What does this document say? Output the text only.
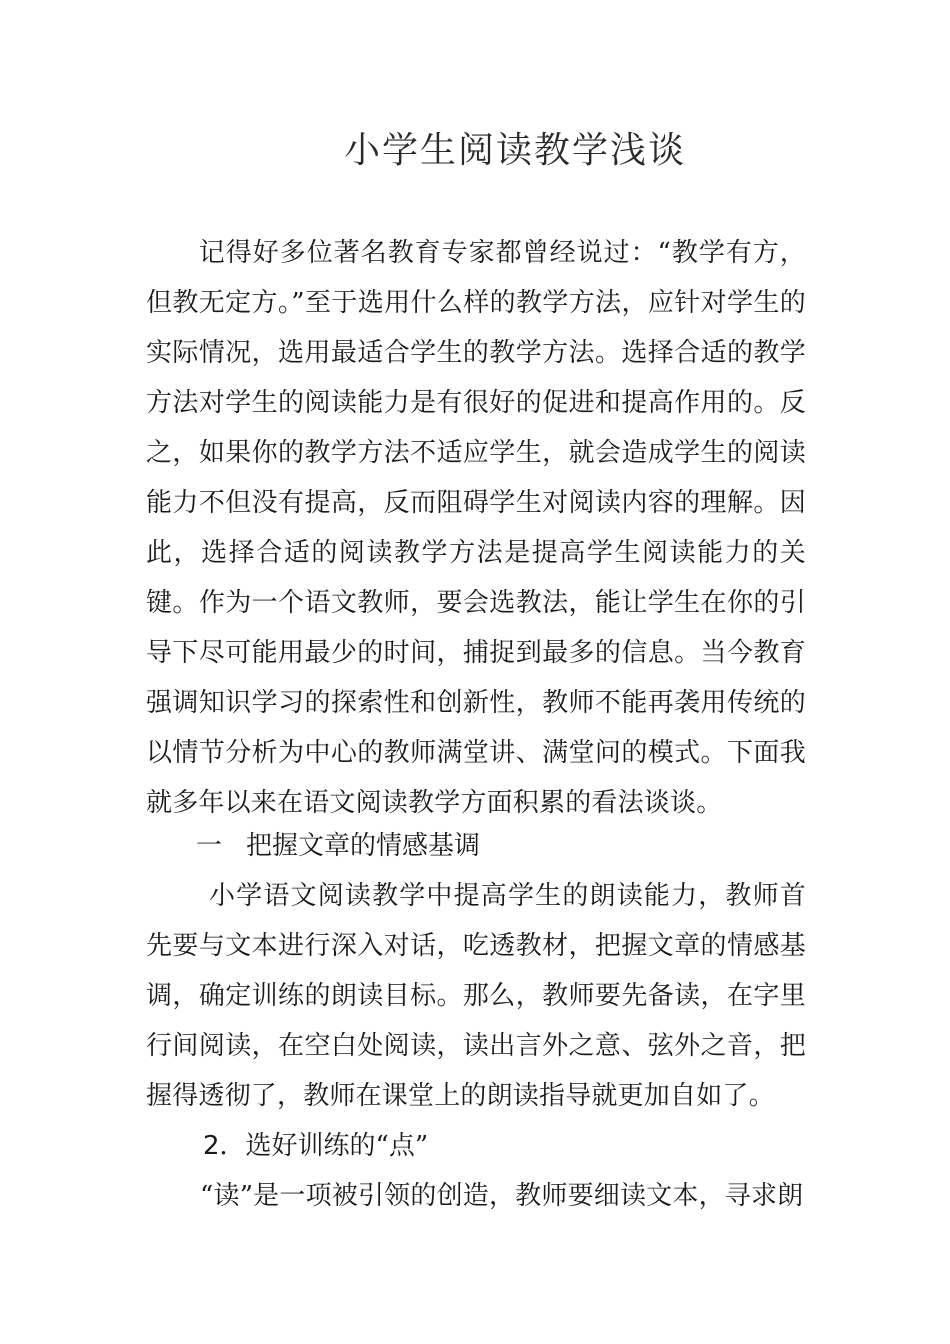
小学生阅读教学浅谈
记得好多位著名教育专家都曾经说过：“教学有方，但教无定方。”至于选用什么样的教学方法，应针对学生的实际情况，选用最适合学生的教学方法。选择合适的教学方法对学生的阅读能力是有很好的促进和提高作用的。反之，如果你的教学方法不适应学生，就会造成学生的阅读能力不但没有提高，反而阻碍学生对阅读内容的理解。因此，选择合适的阅读教学方法是提高学生阅读能力的关键。作为一个语文教师，要会选教法，能让学生在你的引导下尽可能用最少的时间，捕捉到最多的信息。当今教育强调知识学习的探索性和创新性，教师不能再袭用传统的以情节分析为中心的教师满堂讲、满堂问的模式。下面我就多年以来在语文阅读教学方面积累的看法谈谈。
一 把握文章的情感基调
小学语文阅读教学中提高学生的朗读能力，教师首先要与文本进行深入对话，吃透教材，把握文章的情感基调，确定训练的朗读目标。那么，教师要先备读，在字里行间阅读，在空白处阅读，读出言外之意、弦外之音，把握得透彻了，教师在课堂上的朗读指导就更加自如了。
2．选好训练的“点”
“读”是一项被引领的创造，教师要细读文本，寻求朗
